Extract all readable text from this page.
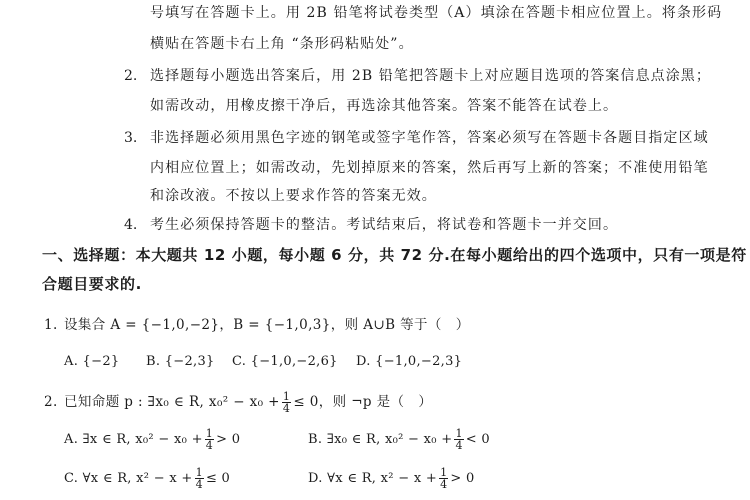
号填写在答题卡上。用 2B 铅笔将试卷类型（A）填涂在答题卡相应位置上。将条形码
横贴在答题卡右上角 “条形码粘贴处”。
2. 选择题每小题选出答案后，用 2B 铅笔把答题卡上对应题目选项的答案信息点涂黑；
如需改动，用橡皮擦干净后，再选涂其他答案。答案不能答在试卷上。
3. 非选择题必须用黑色字迹的钢笔或签字笔作答，答案必须写在答题卡各题目指定区域
内相应位置上；如需改动，先划掉原来的答案，然后再写上新的答案；不准使用铅笔
和涂改液。不按以上要求作答的答案无效。
4. 考生必须保持答题卡的整洁。考试结束后，将试卷和答题卡一并交回。
一、选择题：本大题共 12 小题，每小题 6 分，共 72 分.在每小题给出的四个选项中，只有一项是符
合题目要求的.
1. 设集合 A = {−1,0,−2}，B = {−1,0,3}，则 A∪B 等于（　）
A. {−2} B. {−2,3} C. {−1,0,−2,6} D. {−1,0,−2,3}
2. 已知命题 p : ∃x₀ ∈ R, $x_0^2 - x_0 + \frac{1}{4} \le 0$，则 ¬p 是（　）
A. ∃x ∈ R, $x_0^2 - x_0 + \frac{1}{4} > 0$	B. ∃x₀ ∈ R, $x_0^2 - x_0 + \frac{1}{4} < 0$
C. ∀x ∈ R, $x^2 - x + \frac{1}{4} \le 0$	D. ∀x ∈ R, $x^2 - x + \frac{1}{4} > 0$
